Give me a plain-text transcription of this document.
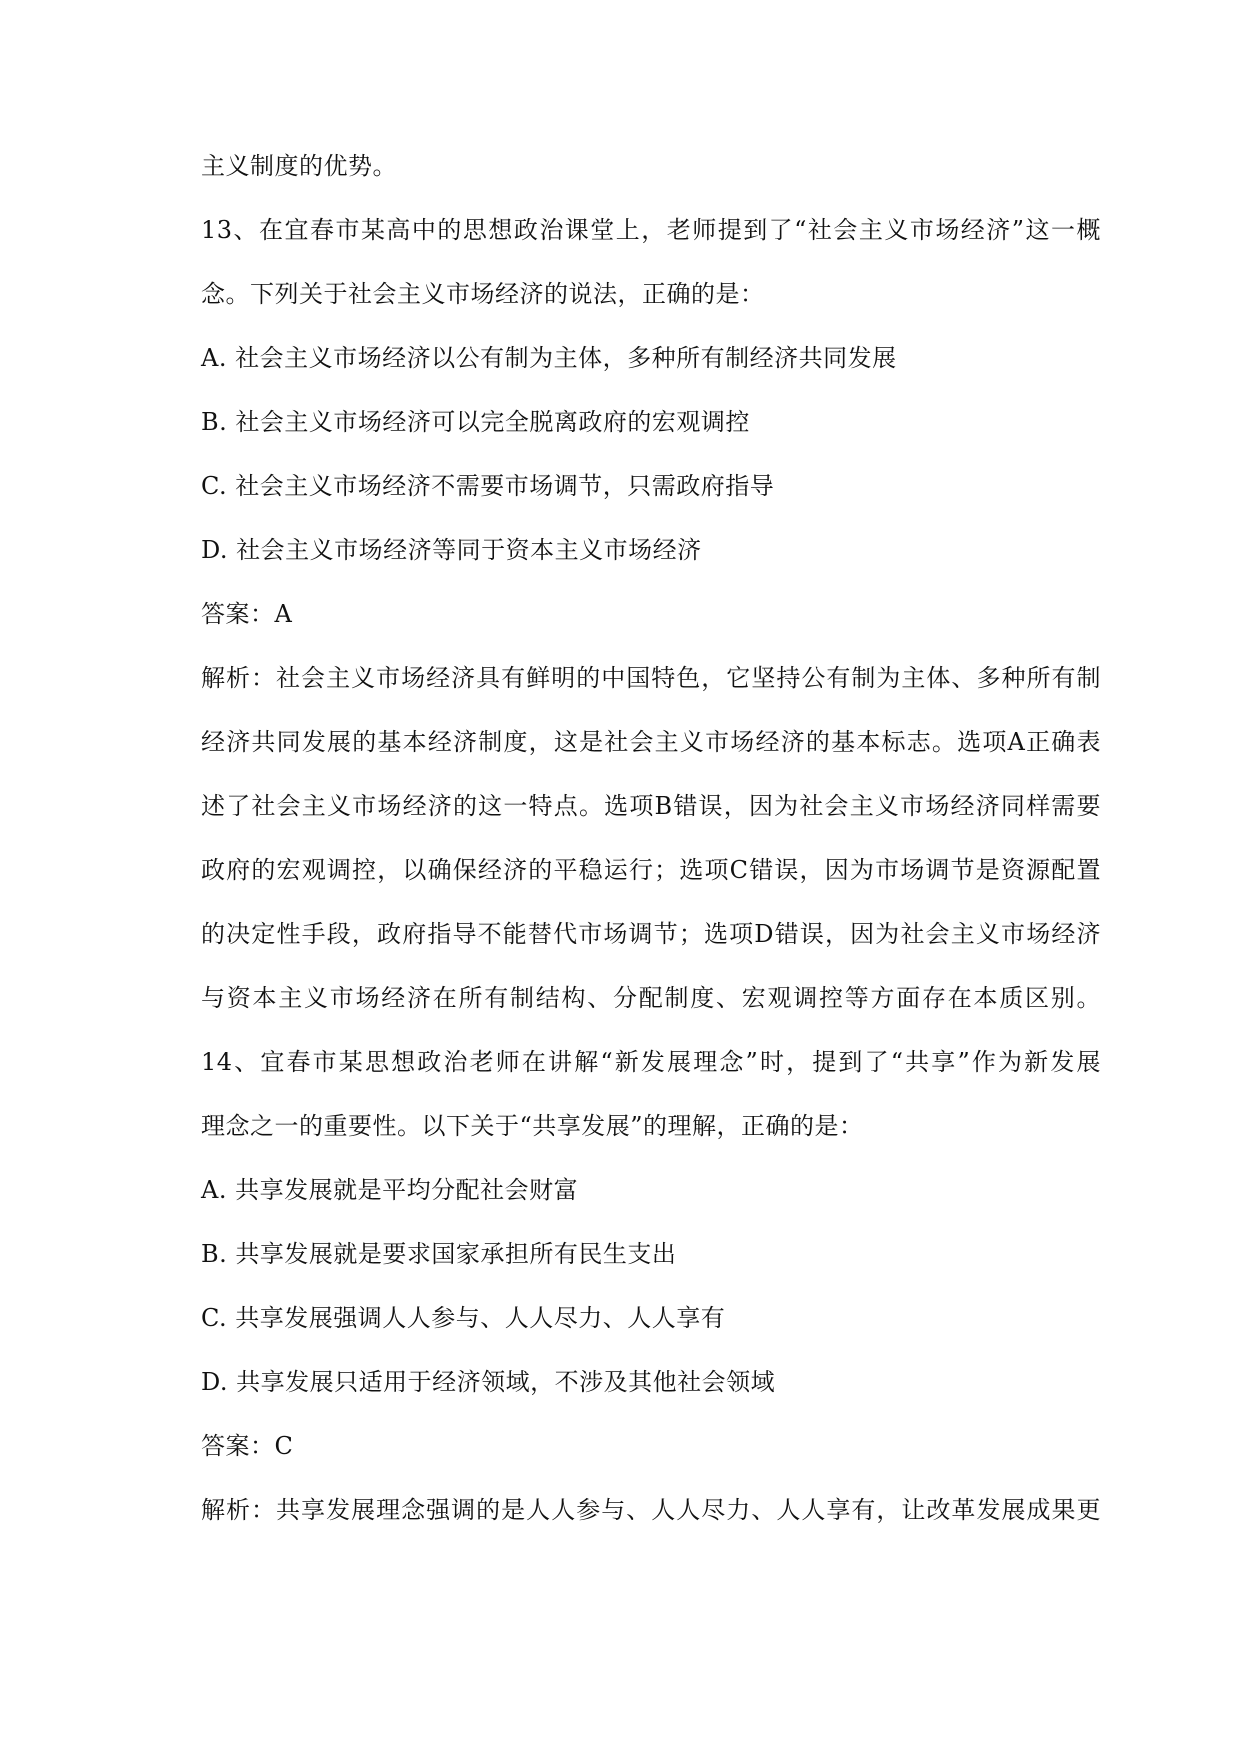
主义制度的优势。
13、在宜春市某高中的思想政治课堂上，老师提到了“社会主义市场经济”这一概
念。下列关于社会主义市场经济的说法，正确的是：
A. 社会主义市场经济以公有制为主体，多种所有制经济共同发展
B. 社会主义市场经济可以完全脱离政府的宏观调控
C. 社会主义市场经济不需要市场调节，只需政府指导
D. 社会主义市场经济等同于资本主义市场经济
答案：A
解析：社会主义市场经济具有鲜明的中国特色，它坚持公有制为主体、多种所有制
经济共同发展的基本经济制度，这是社会主义市场经济的基本标志。选项A正确表
述了社会主义市场经济的这一特点。选项B错误，因为社会主义市场经济同样需要
政府的宏观调控，以确保经济的平稳运行；选项C错误，因为市场调节是资源配置
的决定性手段，政府指导不能替代市场调节；选项D错误，因为社会主义市场经济
与资本主义市场经济在所有制结构、分配制度、宏观调控等方面存在本质区别。
14、宜春市某思想政治老师在讲解“新发展理念”时，提到了“共享”作为新发展
理念之一的重要性。以下关于“共享发展”的理解，正确的是：
A. 共享发展就是平均分配社会财富
B. 共享发展就是要求国家承担所有民生支出
C. 共享发展强调人人参与、人人尽力、人人享有
D. 共享发展只适用于经济领域，不涉及其他社会领域
答案：C
解析：共享发展理念强调的是人人参与、人人尽力、人人享有，让改革发展成果更
